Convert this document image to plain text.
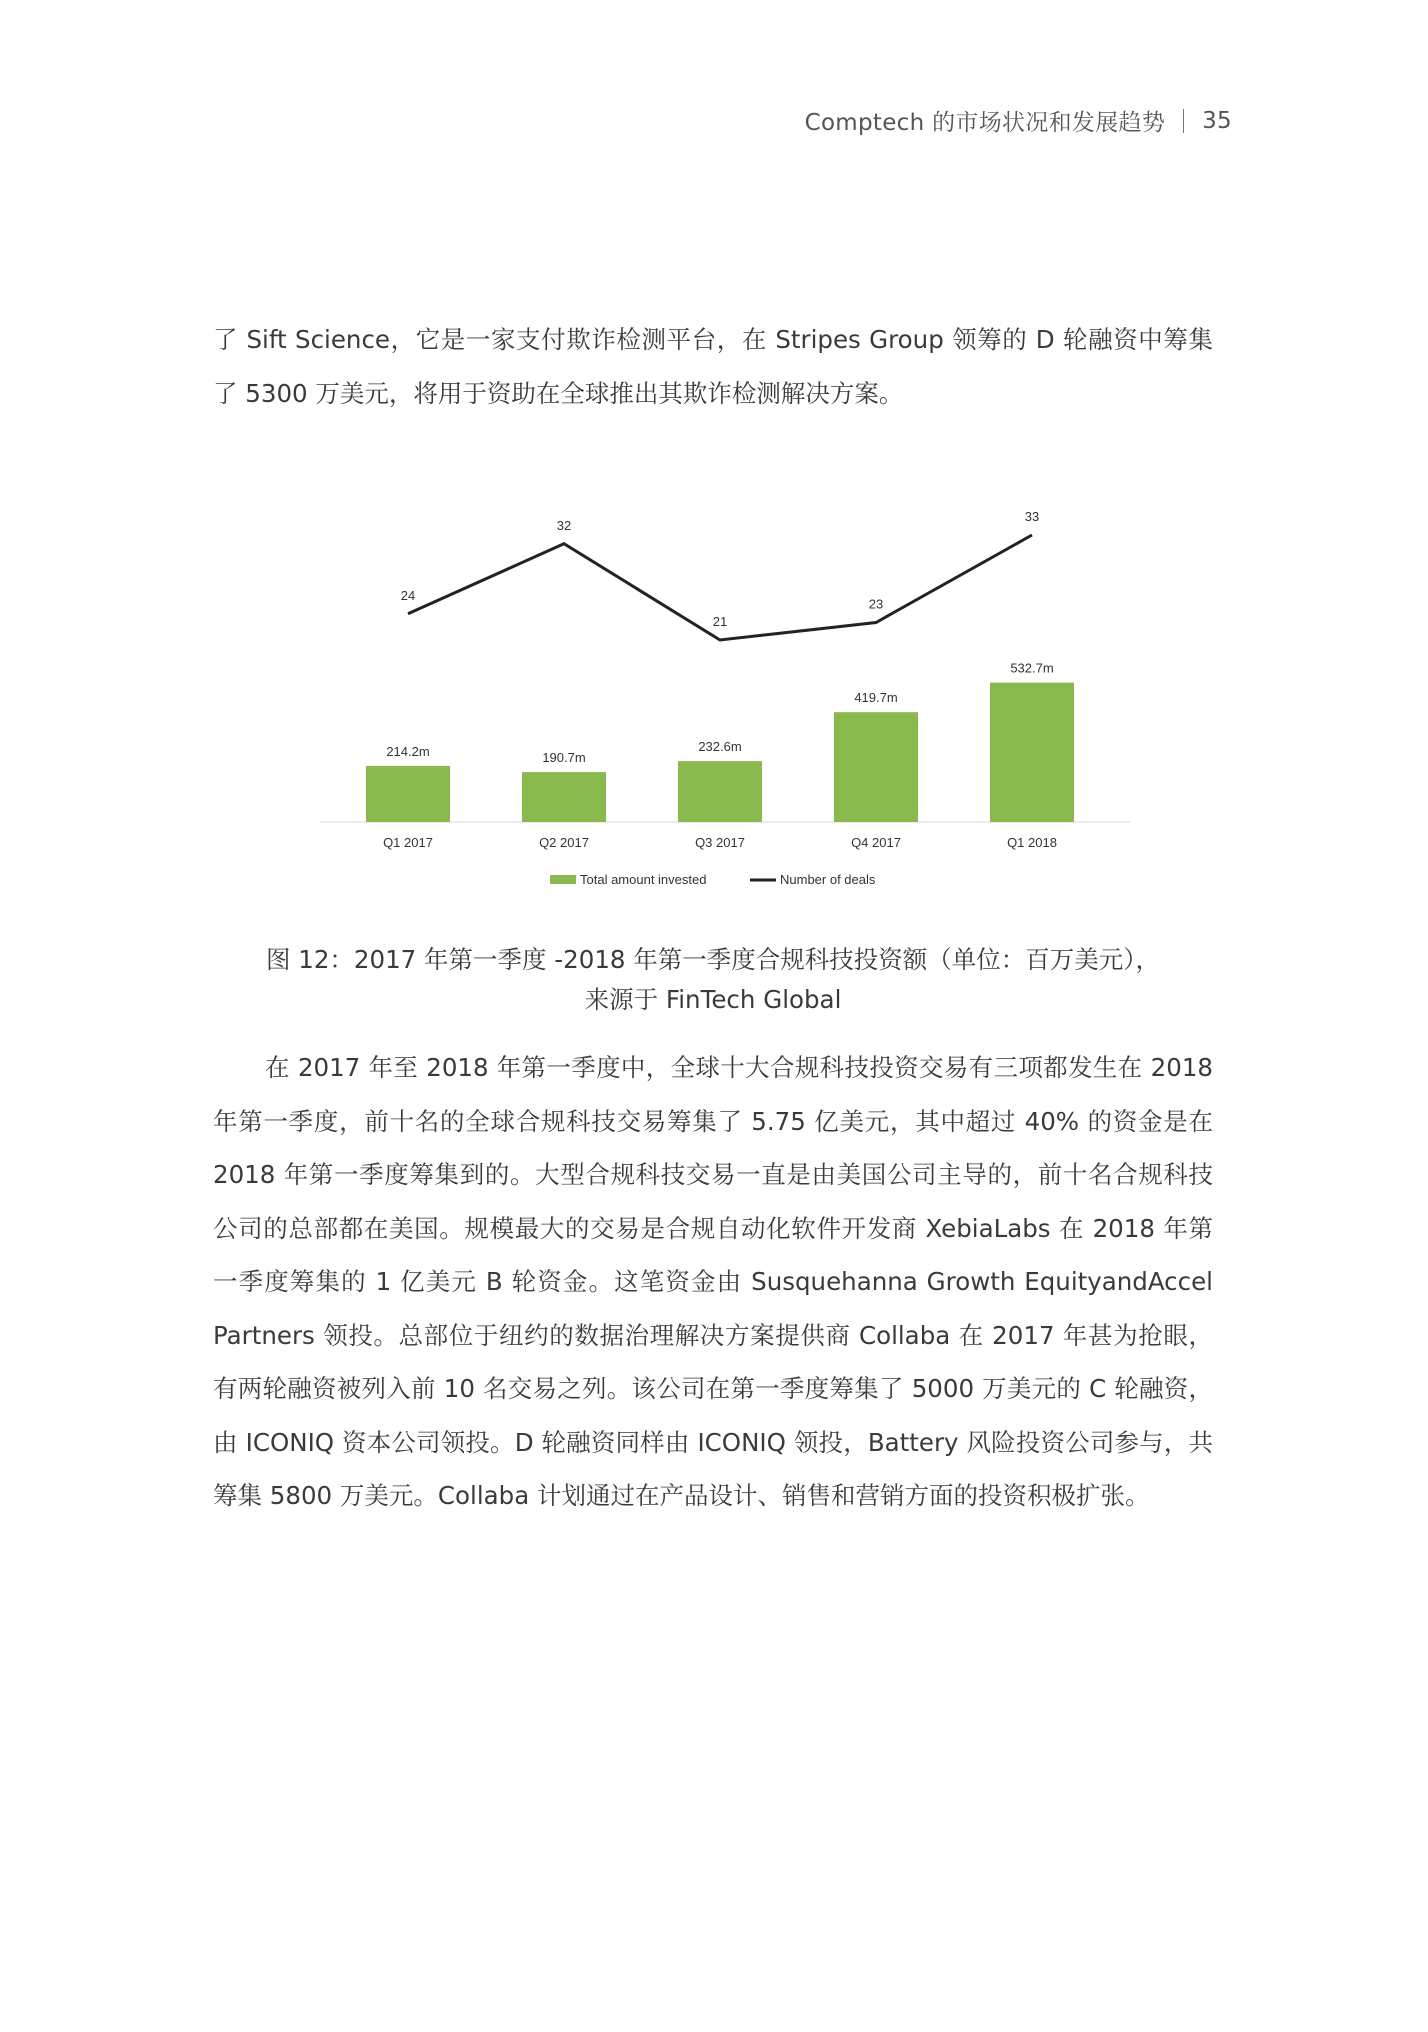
Comptech 的市场状况和发展趋势 35
了 Sift Science，它是一家支付欺诈检测平台，在 Stripes Group 领筹的 D 轮融资中筹集了 5300 万美元，将用于资助在全球推出其欺诈检测解决方案。
214.2m
Q1 2017
190.7m
Q2 2017
232.6m
Q3 2017
419.7m
Q4 2017
532.7m
Q1 2018
24
32
21
23
33
Total amount invested	Number of deals
图 12：2017 年第一季度 -2018 年第一季度合规科技投资额（单位：百万美元），
来源于 FinTech Global
在 2017 年至 2018 年第一季度中，全球十大合规科技投资交易有三项都发生在 2018 年第一季度，前十名的全球合规科技交易筹集了 5.75 亿美元，其中超过 40% 的资金是在 2018 年第一季度筹集到的。大型合规科技交易一直是由美国公司主导的，前十名合规科技公司的总部都在美国。规模最大的交易是合规自动化软件开发商 XebiaLabs 在 2018 年第一季度筹集的 1 亿美元 B 轮资金。这笔资金由 Susquehanna Growth EquityandAccel Partners 领投。总部位于纽约的数据治理解决方案提供商 Collaba 在 2017 年甚为抢眼，有两轮融资被列入前 10 名交易之列。该公司在第一季度筹集了 5000 万美元的 C 轮融资，由 ICONIQ 资本公司领投。D 轮融资同样由 ICONIQ 领投，Battery 风险投资公司参与，共筹集 5800 万美元。Collaba 计划通过在产品设计、销售和营销方面的投资积极扩张。
